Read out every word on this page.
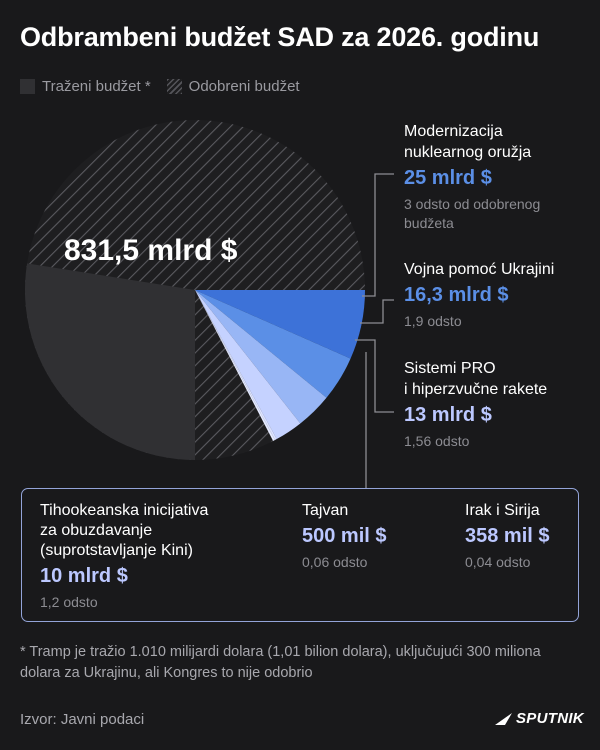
Odbrambeni budžet SAD za 2026. godinu
Traženi budžet *	Odobreni budžet
831,5 mlrd $
Modernizacija
nuklearnog oružja
25 mlrd $
3 odsto od odobrenog
budžeta
Vojna pomoć Ukrajini
16,3 mlrd $
1,9 odsto
Sistemi PRO
i hiperzvučne rakete
13 mlrd $
1,56 odsto
Tihookeanska inicijativa
za obuzdavanje
(suprotstavljanje Kini)
10 mlrd $
1,2 odsto
Tajvan
500 mil $
0,06 odsto
Irak i Sirija
358 mil $
0,04 odsto
* Tramp je tražio 1.010 milijardi dolara (1,01 bilion dolara), uključujući 300 miliona dolara za Ukrajinu, ali Kongres to nije odobrio
Izvor: Javni podaci	SPUTNIK
